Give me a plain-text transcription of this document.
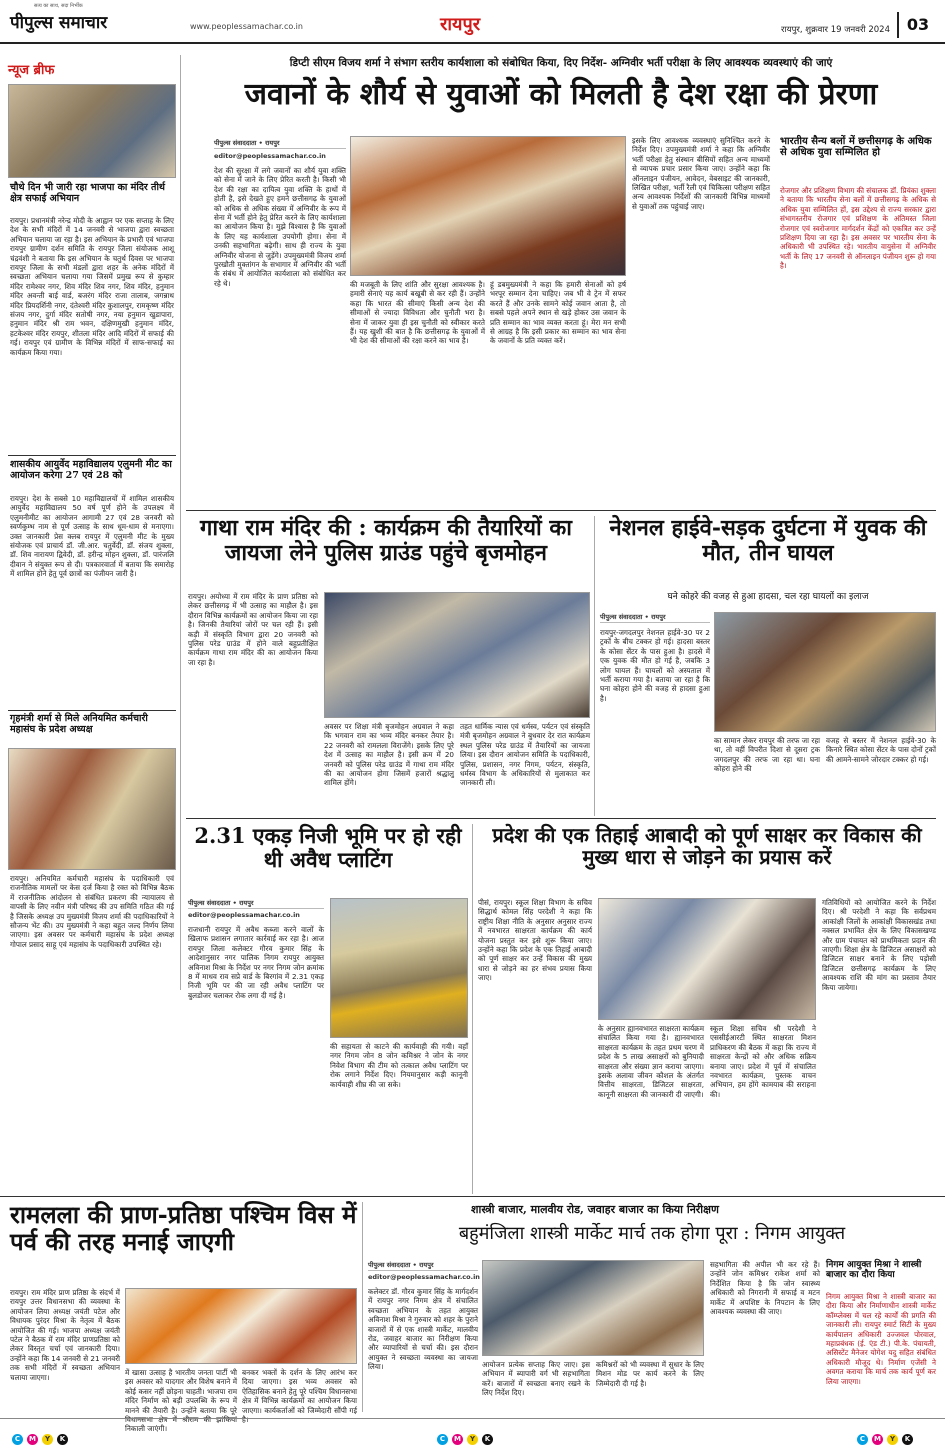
पीपुल्स समाचार
सत्य का साथ, सदा निर्भीक
www.peoplessamachar.co.in	रायपुर	रायपुर, शुक्रवार 19 जनवरी 2024	03
न्यूज ब्रीफ
चौथे दिन भी जारी रहा भाजपा का मंदिर तीर्थ क्षेत्र सफाई अभियान
रायपुर। प्रधानमंत्री नरेन्द्र मोदी के आह्वान पर एक सप्ताह के लिए देश के सभी मंदिरों में 14 जनवरी से भाजपा द्वारा स्वच्छता अभियान चलाया जा रहा है। इस अभियान के प्रभारी एवं भाजपा रायपुर ग्रामीण दर्शन समिति के रायपुर जिला संयोजक आशू चंद्रवंशी ने बताया कि इस अभियान के चतुर्थ दिवस पर भाजपा रायपुर जिला के सभी मंडलों द्वारा शहर के अनेक मंदिरों में स्वच्छता अभियान चलाया गया जिसमें प्रमुख रूप से कुम्हार मंदिर रामेश्वर नगर, शिव मंदिर शिव नगर, शिव मंदिर, हनुमान मंदिर अवन्ती बाई वार्ड, बजरंग मंदिर राजा तालाब, जगन्नाथ मंदिर प्रियदर्शिनी नगर, दंतेश्वरी मंदिर कुशालपुर, रामकृष्ण मंदिर संजय नगर, दुर्गा मंदिर सतोषी नगर, नया हनुमान खुडापारा, हनुमान मंदिर श्री राम भवन, दक्षिणमुखी हनुमान मंदिर, हटकेश्वर मंदिर रायपुर, शीतला मंदिर आदि मंदिरों में सफाई की गई। रायपुर एवं ग्रामीण के विभिन्न मंदिरों में साफ-सफाई का कार्यक्रम किया गया।
शासकीय आयुर्वेद महाविद्यालय एलुमनी मीट का आयोजन करेगा 27 एवं 28 को
रायपुर। देश के सबसे 10 महाविद्यालयों में शामिल शासकीय आयुर्वेद महाविद्यालय 50 वर्ष पूर्ण होने के उपलक्ष्य में एलुमनीमीट का आयोजन आगामी 27 एवं 28 जनवरी को स्वर्णकुम्भ नाम से पूर्ण उत्साह के साथ धूम-धाम से मनाएगा। उक्त जानकारी प्रेस क्लब रायपुर में एलुमनी मीट के मुख्य संयोजक एवं प्राचार्य डॉ. जी.आर. चतुर्वेदी, डॉ. संजय शुक्ला, डॉ. शिव नारायण द्विवेदी, डॉ. हरीन्द्र मोहन शुक्ला, डॉ. पारंजलि दीवान ने संयुक्त रूप से दी। पत्रकारवार्ता में बताया कि समारोह में शामिल होने हेतु पूर्व छात्रों का पंजीयन जारी है।
गृहमंत्री शर्मा से मिले अनियमित कर्मचारी महासंघ के प्रदेश अध्यक्ष
रायपुर। अनियमित कर्मचारी महासंघ के पदाधिकारी एवं राजनीतिक मामलों पर केस दर्ज किया है रक्त को विभिन्न बैठक में राजनीतिक आंदोलन से संबंधित प्रकरण की न्यायालय से वापसी के लिए नवीन मंत्री परिषद की उप समिति गठित की गई है जिसके अध्यक्ष उप मुख्यमंत्री विजय शर्मा की पदाधिकारियों ने सौजन्य भेंट की। उप मुख्यमंत्री ने कहा बहुत जल्द निर्णय लिया जाएगा। इस अवसर पर कर्मचारी महासंघ के प्रदेश अध्यक्ष गोपाल प्रसाद साहू एवं महासंघ के पदाधिकारी उपस्थित रहे।
डिप्टी सीएम विजय शर्मा ने संभाग स्तरीय कार्यशाला को संबोधित किया, दिए निर्देश- अग्निवीर भर्ती परीक्षा के लिए आवश्यक व्यवस्थाएं की जाएं
जवानों के शौर्य से युवाओं को मिलती है देश रक्षा की प्रेरणा
पीपुल्स संवाददाता • रायपुर
editor@peoplessamachar.co.in
देश की सुरक्षा में लगे जवानों का शौर्य युवा शक्ति को सेना में जाने के लिए प्रेरित करती है। किसी भी देश की रक्षा का दायित्व युवा शक्ति के हाथों में होती है, इसे देखते हुए हमने छत्तीसगढ़ के युवाओं को अधिक से अधिक संख्या में अग्निवीर के रूप में सेना में भर्ती होने हेतु प्रेरित करने के लिए कार्यशाला का आयोजन किया है। मुझे विश्वास है कि युवाओं के लिए यह कार्यशाला उपयोगी होगा। सेना में उनकी सहभागिता बढ़ेगी। साथ ही राज्य के युवा अग्निवीर योजना से जुड़ेंगे। उपमुख्यमंत्री विजय शर्मा पुरखौती मुक्तांगन के सभागार में अग्निवीर की भर्ती के संबंध में आयोजित कार्यशाला को संबोधित कर रहे थे।	की मजबूती के लिए शांति और सुरक्षा आवश्यक है। हमारी सेनाएं यह कार्य बखूबी से कर रही हैं। उन्होंने कहा कि भारत की सीमाएं किसी अन्य देश की सीमाओं से ज्यादा विविधता और चुनौती भरा है। सेना में जाकर युवा ही इस चुनौती को स्वीकार करते हैं। यह खुशी की बात है कि छत्तीसगढ़ के युवाओं में भी देश की सीमाओं की रक्षा करने का भाव है।
हूं डबमुख्यमंत्री ने कहा कि हमारी सेनाओं को हर्ष भरपूर सम्मान देना चाहिए। जब भी वे ट्रेन में सफर करते हैं और उनके सामने कोई जवान आता है, तो सबसे पहले अपने स्थान से खड़े होकर उस जवान के प्रति सम्मान का भाव व्यक्त करता हूं। मेरा मन सभी से आग्रह है कि इसी प्रकार का सम्मान का भाव सेना के जवानों के प्रति व्यक्त करें।
इसके लिए आवश्यक व्यवस्थाएं सुनिश्चित करने के निर्देश दिए। उपमुख्यमंत्री शर्मा ने कहा कि अग्निवीर भर्ती परीक्षा हेतु संस्थान बीसियों सहित अन्य माध्यमों से व्यापक प्रचार प्रसार किया जाए। उन्होंने कहा कि ऑनलाइन पंजीयन, आवेदन, वेबसाइट की जानकारी, लिखित परीक्षा, भर्ती रैली एवं चिकित्सा परीक्षण सहित अन्य आवश्यक निर्देशों की जानकारी विभिन्न माध्यमों से युवाओं तक पहुंचाई जाए।
भारतीय सैन्य बलों में छत्तीसगढ़ के अधिक से अधिक युवा सम्मिलित हो
रोजगार और प्रशिक्षण विभाग की संचालक डॉ. प्रियंका शुक्ला ने बताया कि भारतीय सेना बलों में छत्तीसगढ़ के अधिक से अधिक युवा सम्मिलित हों, इस उद्देश्य से राज्य सरकार द्वारा संभागस्तरीय रोजगार एवं प्रशिक्षण के अंतिमस्त जिला रोजगार एवं स्वरोजगार मार्गदर्शन केंद्रों को एकत्रित कर उन्हें प्रशिक्षण दिया जा रहा है। इस अवसर पर भारतीय सेना के अधिकारी भी उपस्थित रहे। भारतीय वायुसेना में अग्निवीर भर्ती के लिए 17 जनवरी से ऑनलाइन पंजीयन शुरू हो गया है।
गाथा राम मंदिर की : कार्यक्रम की तैयारियों का जायजा लेने पुलिस ग्राउंड पहुंचे बृजमोहन
रायपुर। अयोध्या में राम मंदिर के प्राण प्रतिष्ठा को लेकर छत्तीसगढ़ में भी उत्साह का माहौल है। इस दौरान विभिन्न कार्यक्रमों का आयोजन किया जा रहा है। जिनकी तैयारियां जोरों पर चल रही हैं। इसी कड़ी में संस्कृति विभाग द्वारा 20 जनवरी को पुलिस परेड ग्राउंड में होने वाले बहुप्रतीक्षित कार्यक्रम गाथा राम मंदिर की का आयोजन किया जा रहा है।
अवसर पर शिक्षा मंत्री बृजमोहन अग्रवाल ने कहा कि भगवान राम का भव्य मंदिर बनकर तैयार है। 22 जनवरी को रामलला विराजेंगे। इसके लिए पूरे देश में उत्साह का माहौल है। इसी क्रम में 20 जनवरी को पुलिस परेड ग्राउंड में गाथा राम मंदिर की का आयोजन होगा जिसमें हजारों श्रद्धालु शामिल होंगे।
तहत धार्मिक न्यास एवं धर्मस्व, पर्यटन एवं संस्कृति मंत्री बृजमोहन अग्रवाल ने बुधवार देर रात कार्यक्रम स्थल पुलिस परेड ग्राउंड में तैयारियों का जायजा लिया। इस दौरान आयोजन समिति के पदाधिकारी, पुलिस, प्रशासन, नगर निगम, पर्यटन, संस्कृति, धर्मस्व विभाग के अधिकारियों से मुलाकात कर जानकारी ली।
नेशनल हाईवे-सड़क दुर्घटना में युवक की मौत, तीन घायल
घने कोहरे की वजह से हुआ हादसा, चल रहा घायलों का इलाज
पीपुल्स संवाददाता • रायपुर
रायपुर-जगदलपुर नेशनल हाईवे-30 पर 2 ट्रकों के बीच टक्कर हो गई। हादसा बस्तर के कोसा सेंटर के पास हुआ है। हादसे में एक युवक की मौत हो गई है, जबकि 3 लोग घायल हैं। घायलों को अस्पताल में भर्ती कराया गया है। बताया जा रहा है कि घना कोहरा होने की वजह से हादसा हुआ है।
का सामान लेकर रायपुर की तरफ जा रहा था, तो वहीं विपरीत दिशा से दूसरा ट्रक जगदलपुर की तरफ जा रहा था। घना कोहरा होने की
वजह से बस्तर में नेशनल हाईवे-30 के किनारे स्थित कोसा सेंटर के पास दोनों ट्रकों की आमने-सामने जोरदार टक्कर हो गई।
2.31 एकड़ निजी भूमि पर हो रही थी अवैध प्लाटिंग
पीपुल्स संवाददाता • रायपुर
editor@peoplessamachar.co.in
राजधानी रायपुर में अवैध कब्जा करने वालों के खिलाफ प्रशासन लगातार कार्रवाई कर रहा है। आज रायपुर जिला कलेक्टर गौरव कुमार सिंह के आदेशानुसार नगर पालिक निगम रायपुर आयुक्त अविनाश मिश्रा के निर्देश पर नगर निगम जोन क्रमांक 8 में माधव राव सप्रे वार्ड के बिरगांव में 2.31 एकड़ निजी भूमि पर की जा रही अवैध प्लाटिंग पर बुलडोजर चलाकर रोक लगा दी गई है।
की सहायता से काटने की कार्यवाही की गयी। वहाँ नगर निगम जोन 8 जोन कमिश्नर ने जोन के नगर निवेश विभाग की टीम को तत्काल अवैध प्लाटिंग पर रोक लगाने निर्देश दिए। नियमानुसार कड़ी कानूनी कार्यवाही शीघ्र की जा सके।
प्रदेश की एक तिहाई आबादी को पूर्ण साक्षर कर विकास की मुख्य धारा से जोड़ने का प्रयास करें
पीसं, रायपुर। स्कूल शिक्षा विभाग के सचिव सिद्धार्थ कोमल सिंह परदेशी ने कहा कि राष्ट्रीय शिक्षा नीति के अनुसार अनुसार राज्य में नवभारत साक्षरता कार्यक्रम की कार्य योजना प्रस्तुत कर इसे शुरू किया जाए। उन्होंने कहा कि प्रदेश के एक तिहाई आबादी को पूर्ण साक्षर कर उन्हें विकास की मुख्य धारा से जोड़ने का हर संभव प्रयास किया जाए।
के अनुसार ह्यानवभारत साक्षरता कार्यक्रम संचालित किया गया है। ह्यानवभारत साक्षरता कार्यक्रम के तहत प्रथम चरण में प्रदेश के 5 लाख असाक्षरों को बुनियादी साक्षरता और संख्या ज्ञान कराया जाएगा। इसके अलावा जीवन कौशल के अंतर्गत वित्तीय साक्षरता, डिजिटल साक्षरता, कानूनी साक्षरता की जानकारी दी जाएगी।
स्कूल शिक्षा सचिव श्री परदेशी ने एससीईआरटी स्थित साक्षरता मिशन प्राधिकरण की बैठक में कहा कि राज्य में साक्षरता केन्द्रों को और अधिक सक्रिय बनाया जाए। प्रदेश में पूर्व में संचालित नवभारत कार्यक्रम, पुस्तक वाचन अभियान, हम होंगे कामयाब की सराहना की।
गतिविधियों को आयोजित करने के निर्देश दिए। श्री परदेशी ने कहा कि सर्वप्रथम आकांक्षी जिलों के आकांक्षी विकासखंड तथा नक्सल प्रभावित क्षेत्र के लिए विकासखण्ड और ग्राम पंचायत को प्राथमिकता प्रदान की जाएगी। शिक्षा क्षेत्र के डिजिटल असाक्षरों को डिजिटल साक्षर बनाने के लिए पड़ोसी डिजिटल छत्तीसगढ़ कार्यक्रम के लिए आवश्यक राशि की मांग का प्रस्ताव तैयार किया जायेगा।
रामलला की प्राण-प्रतिष्ठा पश्चिम विस में पर्व की तरह मनाई जाएगी
रायपुर। राम मंदिर प्राण प्रतिष्ठा के संदर्भ में रायपुर उत्तर विधानसभा की व्यवस्था के आयोजन लिया अध्यक्ष जयंती पटेल और विधायक पुरंदर मिश्रा के नेतृत्व में बैठक आयोजित की गई। भाजपा अध्यक्ष जयंती पटेल ने बैठक में राम मंदिर प्राणप्रतिष्ठा को लेकर विस्तृत चर्चा एवं जानकारी दिया। उन्होंने कहा कि 14 जनवरी से 21 जनवरी तक सभी मंदिरों में स्वच्छता अभियान चलाया जाएगा।
में खासा उत्साह है भारतीय जनता पार्टी भी इस अवसर को यादगार और विशेष बनाने में कोई कसर नहीं छोड़ना चाहती। भाजपा राम मंदिर निर्माण को बड़ी उपलब्धि के रूप में मानने की तैयारी है। उन्होंने बताया कि पूरे विधानसभा क्षेत्र में श्रीराम की झांकियां निकाली जाएंगी।
बनकर भक्तों के दर्शन के लिए आरंभ कर दिया जाएगा। इस भव्य अवसर को ऐतिहासिक बनाने हेतु पूरे पश्चिम विधानसभा क्षेत्र में विभिन्न कार्यक्रमों का आयोजन किया जाएगा। कार्यकर्ताओं को जिम्मेदारी सौंपी गई है।
शास्त्री बाजार, मालवीय रोड, जवाहर बाजार का किया निरीक्षण
बहुमंजिला शास्त्री मार्केट मार्च तक होगा पूरा : निगम आयुक्त
पीपुल्स संवाददाता • रायपुर
editor@peoplessamachar.co.in
कलेक्टर डॉ. गौरव कुमार सिंह के मार्गदर्शन में रायपुर नगर निगम क्षेत्र में संचालित स्वच्छता अभियान के तहत आयुक्त अविनाश मिश्रा ने गुरुवार को शहर के पुराने बाजारों में से एक शास्त्री मार्केट, मालवीय रोड, जवाहर बाजार का निरीक्षण किया और व्यापारियों से चर्चा की। इस दौरान आयुक्त ने स्वच्छता व्यवस्था का जायजा लिया।	आयोजन प्रत्येक सप्ताह किए जाए। इस अभियान में ब्यापारी वर्ग भी सहभागिता करें। बाजारों में स्वच्छता बनाए रखने के लिए निर्देश दिए।
कमिश्नरों को भी व्यवस्था में सुधार के लिए मिशन मोड पर कार्य करने के लिए जिम्मेदारी दी गई है।
सहभागिता की अपील भी कर रहे हैं। उन्होंने जोन कमिश्नर राकेश शर्मा को निर्देशित किया है कि जोन स्वास्थ्य अधिकारी को निगरानी में सफाई व मटन मार्केट में अपशिष्ट के निपटान के लिए आवश्यक व्यवस्था की जाए।
निगम आयुक्त मिश्रा ने शास्त्री बाजार का दौरा किया
निगम आयुक्त मिश्रा ने शास्त्री बाजार का दौरा किया और निर्माणाधीन शास्त्री मार्केट कॉम्प्लेक्स में चल रहे कार्यों की प्रगति की जानकारी ली। रायपुर स्मार्ट सिटी के मुख्य कार्यपालन अधिकारी उज्जवल पोरवाल, महाप्रबंधक (ई. एंड टी.) पी.के. पंचायती, असिस्टेंट मैनेजर योगेश यदु सहित संबंधित अधिकारी मौजूद थे। निर्माण एजेंसी ने अवगत कराया कि मार्च तक कार्य पूर्ण कर लिया जाएगा।
C M Y K	C M Y K	C M Y K
